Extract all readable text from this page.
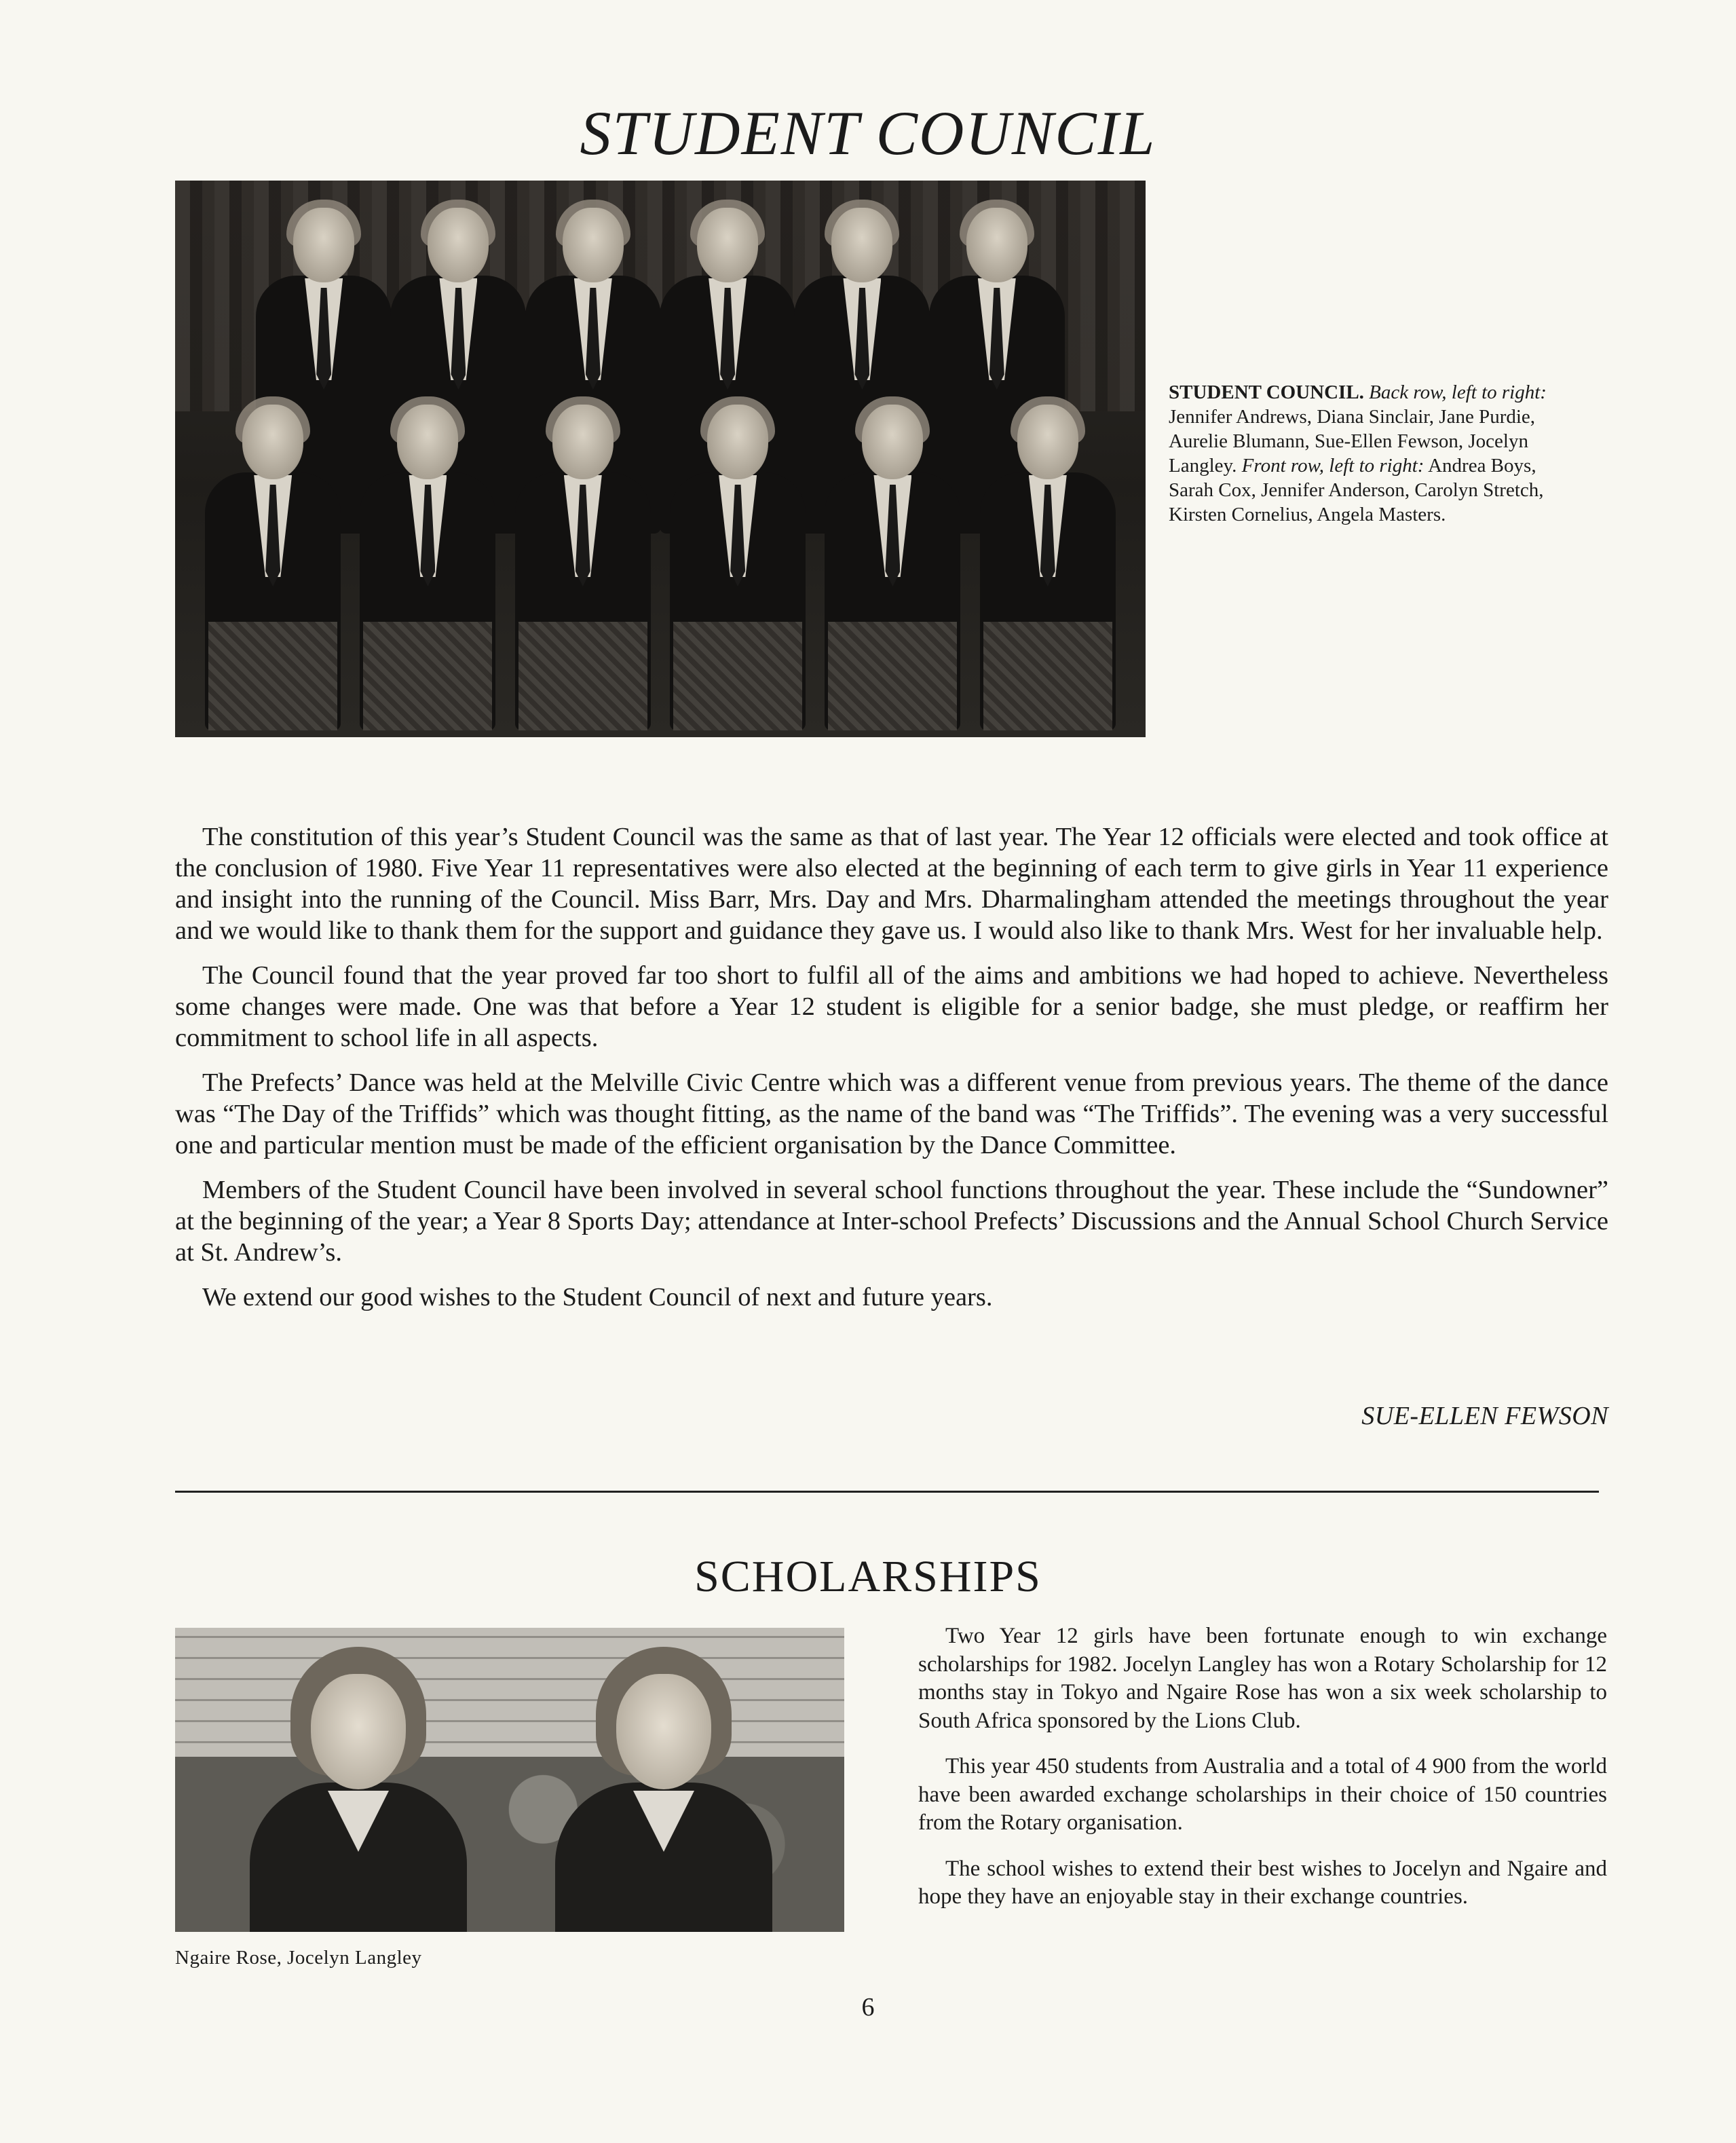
STUDENT COUNCIL
STUDENT COUNCIL. Back row, left to right: Jennifer Andrews, Diana Sinclair, Jane Purdie, Aurelie Blumann, Sue-Ellen Fewson, Jocelyn Langley. Front row, left to right: Andrea Boys, Sarah Cox, Jennifer Anderson, Carolyn Stretch, Kirsten Cornelius, Angela Masters.

The constitution of this year’s Student Council was the same as that of last year. The Year 12 officials were elected and took office at the conclusion of 1980. Five Year 11 representatives were also elected at the beginning of each term to give girls in Year 11 experience and insight into the running of the Council. Miss Barr, Mrs. Day and Mrs. Dharmalingham attended the meetings throughout the year and we would like to thank them for the support and guidance they gave us. I would also like to thank Mrs. West for her invaluable help.

The Council found that the year proved far too short to fulfil all of the aims and ambitions we had hoped to achieve. Nevertheless some changes were made. One was that before a Year 12 student is eligible for a senior badge, she must pledge, or reaffirm her commitment to school life in all aspects.

The Prefects’ Dance was held at the Melville Civic Centre which was a different venue from previous years. The theme of the dance was “The Day of the Triffids” which was thought fitting, as the name of the band was “The Triffids”. The evening was a very successful one and particular mention must be made of the efficient organisation by the Dance Committee.

Members of the Student Council have been involved in several school functions throughout the year. These include the “Sundowner” at the beginning of the year; a Year 8 Sports Day; attendance at Inter-school Prefects’ Discussions and the Annual School Church Service at St. Andrew’s.

We extend our good wishes to the Student Council of next and future years.

SUE-ELLEN FEWSON
SCHOLARSHIPS
Ngaire Rose, Jocelyn Langley

Two Year 12 girls have been fortunate enough to win exchange scholarships for 1982. Jocelyn Langley has won a Rotary Scholarship for 12 months stay in Tokyo and Ngaire Rose has won a six week scholarship to South Africa sponsored by the Lions Club.

This year 450 students from Australia and a total of 4 900 from the world have been awarded exchange scholarships in their choice of 150 countries from the Rotary organisation.

The school wishes to extend their best wishes to Jocelyn and Ngaire and hope they have an enjoyable stay in their exchange countries.

6
